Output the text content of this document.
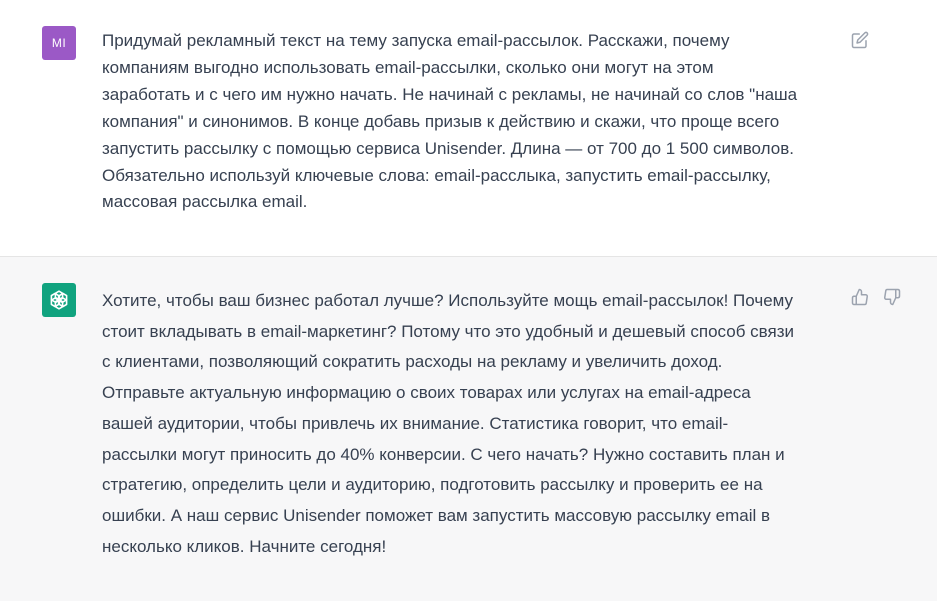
MI Придумай рекламный текст на тему запуска email-рассылок. Расскажи, почему
компаниям выгодно использовать email-рассылки, сколько они могут на этом
заработать и с чего им нужно начать. Не начинай с рекламы, не начинай со слов "наша
компания" и синонимов. В конце добавь призыв к действию и скажи, что проще всего
запустить рассылку с помощью сервиса Unisender. Длина — от 700 до 1 500 символов.
Обязательно используй ключевые слова: email-расслыка, запустить email-рассылку,
массовая рассылка email.
Хотите, чтобы ваш бизнес работал лучше? Используйте мощь email-рассылок! Почему
стоит вкладывать в email-маркетинг? Потому что это удобный и дешевый способ связи
с клиентами, позволяющий сократить расходы на рекламу и увеличить доход.
Отправьте актуальную информацию о своих товарах или услугах на email-адреса
вашей аудитории, чтобы привлечь их внимание. Статистика говорит, что email-
рассылки могут приносить до 40% конверсии. С чего начать? Нужно составить план и
стратегию, определить цели и аудиторию, подготовить рассылку и проверить ее на
ошибки. А наш сервис Unisender поможет вам запустить массовую рассылку email в
несколько кликов. Начните сегодня!
